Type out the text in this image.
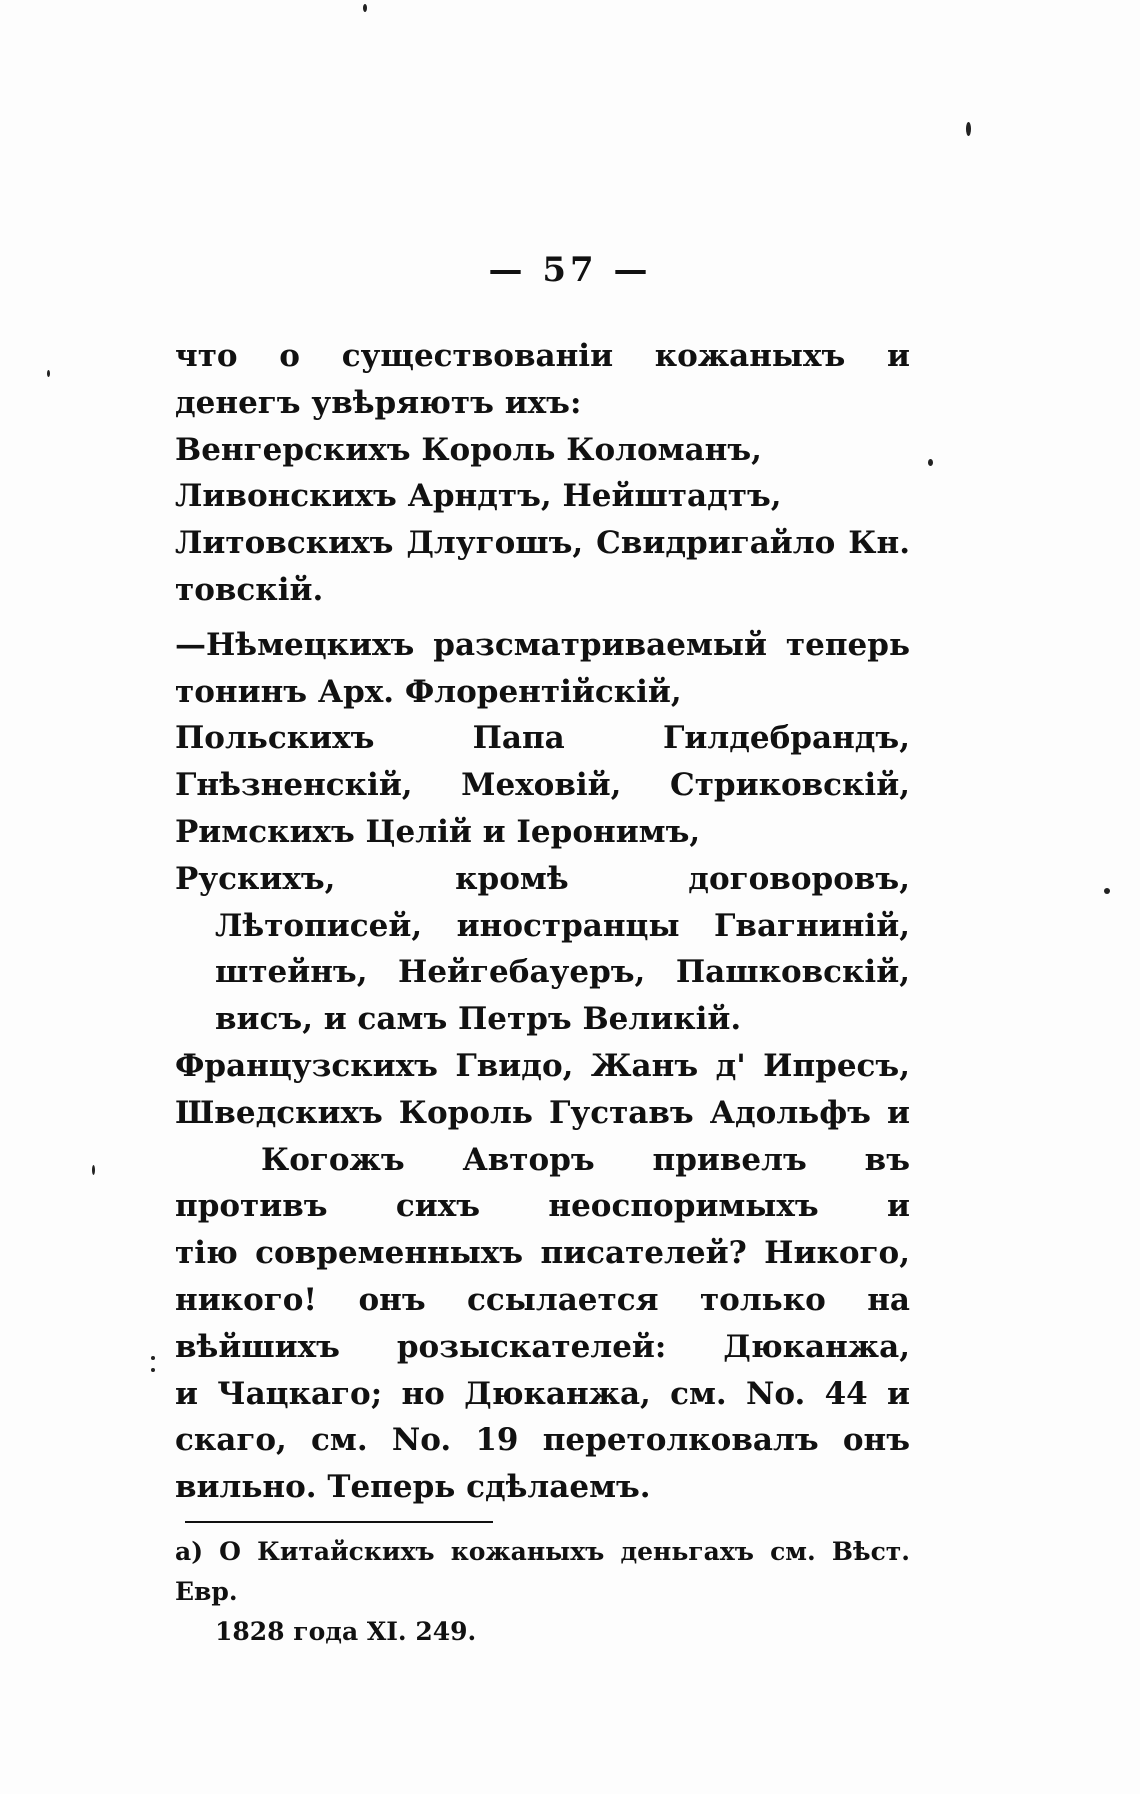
— 57 —
что о существованіи кожаныхъ и
денегъ увѣряютъ ихъ:
Венгерскихъ Король Коломанъ,
Ливонскихъ Арндтъ, Нейштадтъ,
Литовскихъ Длугошъ, Свидригайло Кн.
товскій.
—Нѣмецкихъ разсматриваемый теперь
тонинъ Арх. Флорентійскій,
Польскихъ Папа Гилдебрандъ,
Гнѣзненскій, Меховій, Стриковскій,
Римскихъ Целій и Іеронимъ,
Рускихъ, кромѣ договоровъ,
Лѣтописей, иностранцы Гвагниній,
штейнъ, Нейгебауеръ, Пашковскій,
висъ, и самъ Петръ Великій.
Французскихъ Гвидо, Жанъ д' Ипресъ,
Шведскихъ Король Густавъ Адольфъ и
Когожъ Авторъ привелъ въ
противъ сихъ неоспоримыхъ и
тію современныхъ писателей? Никого,
никого! онъ ссылается только на
вѣйшихъ розыскателей: Дюканжа,
и Чацкаго; но Дюканжа, см. No. 44 и
скаго, см. No. 19 перетолковалъ онъ
вильно. Теперь сдѣлаемъ.
a) О Китайскихъ кожаныхъ деньгахъ см. Вѣст. Евр.
1828 года XI. 249.
